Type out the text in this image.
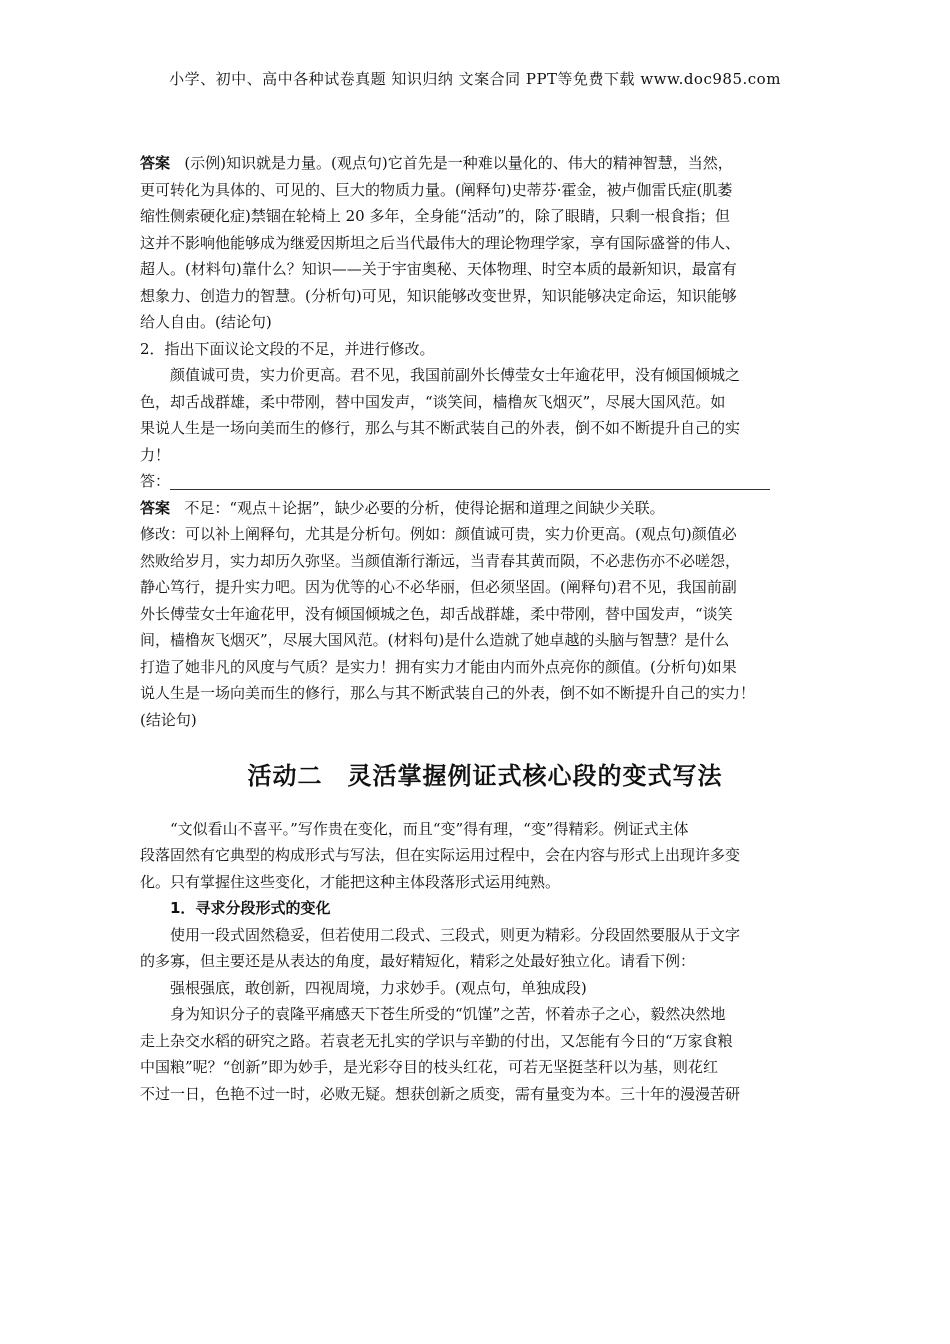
小学、初中、高中各种试卷真题 知识归纳 文案合同 PPT等免费下载 www.doc985.com

答案 (示例)知识就是力量。(观点句)它首先是一种难以量化的、伟大的精神智慧，当然，

更可转化为具体的、可见的、巨大的物质力量。(阐释句)史蒂芬·霍金，被卢伽雷氏症(肌萎

缩性侧索硬化症)禁锢在轮椅上 20 多年，全身能“活动”的，除了眼睛，只剩一根食指；但

这并不影响他能够成为继爱因斯坦之后当代最伟大的理论物理学家，享有国际盛誉的伟人、

超人。(材料句)靠什么？知识——关于宇宙奥秘、天体物理、时空本质的最新知识，最富有

想象力、创造力的智慧。(分析句)可见，知识能够改变世界，知识能够决定命运，知识能够

给人自由。(结论句)

2．指出下面议论文段的不足，并进行修改。

颜值诚可贵，实力价更高。君不见，我国前副外长傅莹女士年逾花甲，没有倾国倾城之

色，却舌战群雄，柔中带刚，替中国发声，“谈笑间，樯橹灰飞烟灭”，尽展大国风范。如

果说人生是一场向美而生的修行，那么与其不断武装自己的外表，倒不如不断提升自己的实

力！

答：

答案 不足：“观点＋论据”，缺少必要的分析，使得论据和道理之间缺少关联。

修改：可以补上阐释句，尤其是分析句。例如：颜值诚可贵，实力价更高。(观点句)颜值必

然败给岁月，实力却历久弥坚。当颜值渐行渐远，当青春其黄而陨，不必悲伤亦不必嗟怨，

静心笃行，提升实力吧。因为优等的心不必华丽，但必须坚固。(阐释句)君不见，我国前副

外长傅莹女士年逾花甲，没有倾国倾城之色，却舌战群雄，柔中带刚，替中国发声，“谈笑

间，樯橹灰飞烟灭”，尽展大国风范。(材料句)是什么造就了她卓越的头脑与智慧？是什么

打造了她非凡的风度与气质？是实力！拥有实力才能由内而外点亮你的颜值。(分析句)如果

说人生是一场向美而生的修行，那么与其不断武装自己的外表，倒不如不断提升自己的实力！

(结论句)

活动二　灵活掌握例证式核心段的变式写法

“文似看山不喜平。”写作贵在变化，而且“变”得有理，“变”得精彩。例证式主体

段落固然有它典型的构成形式与写法，但在实际运用过程中，会在内容与形式上出现许多变

化。只有掌握住这些变化，才能把这种主体段落形式运用纯熟。

1．寻求分段形式的变化

使用一段式固然稳妥，但若使用二段式、三段式，则更为精彩。分段固然要服从于文字

的多寡，但主要还是从表达的角度，最好精短化，精彩之处最好独立化。请看下例：

强根强底，敢创新，四视周境，力求妙手。(观点句，单独成段)

身为知识分子的袁隆平痛感天下苍生所受的“饥馑”之苦，怀着赤子之心，毅然决然地

走上杂交水稻的研究之路。若袁老无扎实的学识与辛勤的付出，又怎能有今日的“万家食粮

中国粮”呢？“创新”即为妙手，是光彩夺目的枝头红花，可若无坚挺茎秆以为基，则花红

不过一日，色艳不过一时，必败无疑。想获创新之质变，需有量变为本。三十年的漫漫苦研
